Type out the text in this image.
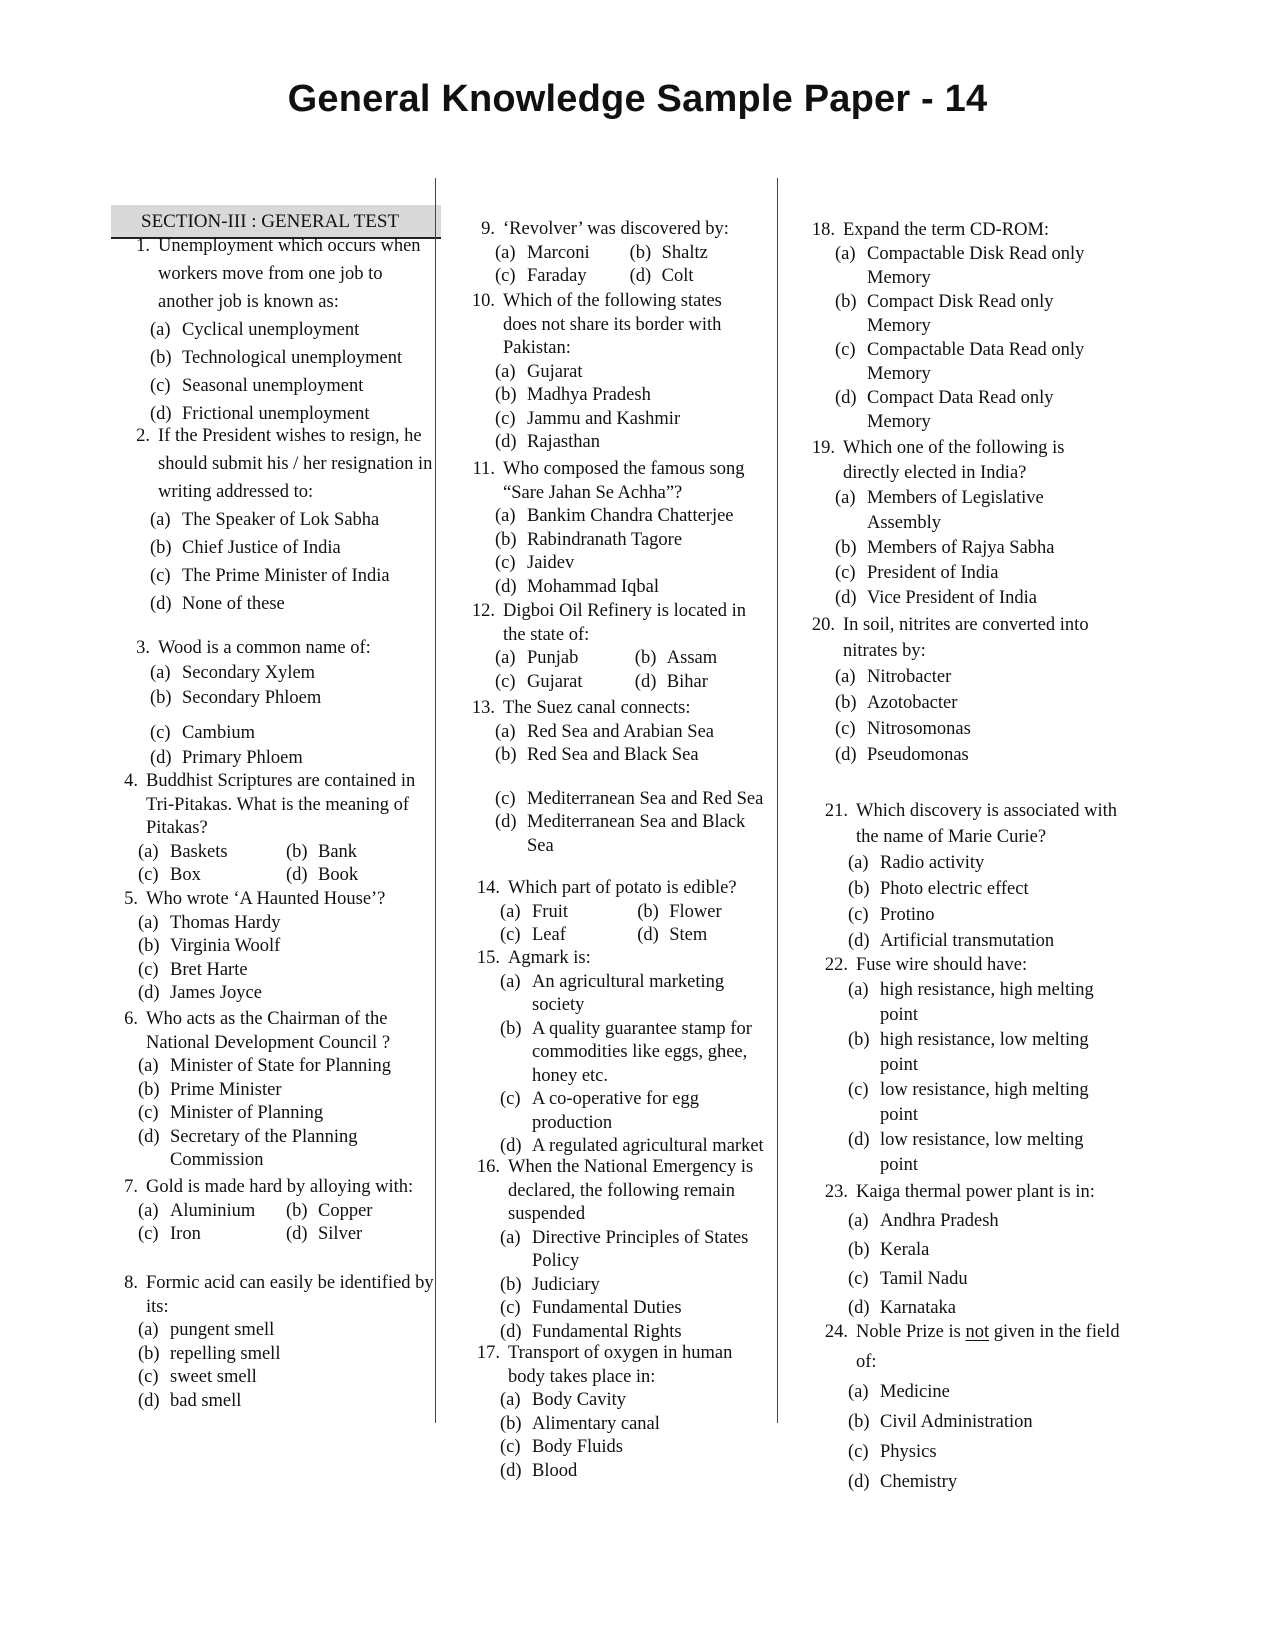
General Knowledge Sample Paper - 14
SECTION-III : GENERAL TEST
1. Unemployment which occurs when workers move from one job to another job is known as:
(a) Cyclical unemployment
(b) Technological unemployment
(c) Seasonal unemployment
(d) Frictional unemployment
2. If the President wishes to resign, he should submit his / her resignation in writing addressed to:
(a) The Speaker of Lok Sabha
(b) Chief Justice of India
(c) The Prime Minister of India
(d) None of these
3. Wood is a common name of:
(a) Secondary Xylem
(b) Secondary Phloem
(c) Cambium
(d) Primary Phloem
4. Buddhist Scriptures are contained in Tri-Pitakas. What is the meaning of Pitakas?
(a) Baskets	(b) Bank
(c) Box	(d) Book
5. Who wrote ‘A Haunted House’?
(a) Thomas Hardy
(b) Virginia Woolf
(c) Bret Harte
(d) James Joyce
6. Who acts as the Chairman of the National Development Council ?
(a) Minister of State for Planning
(b) Prime Minister
(c) Minister of Planning
(d) Secretary of the Planning Commission
7. Gold is made hard by alloying with:
(a) Aluminium	(b) Copper
(c) Iron	(d) Silver
8. Formic acid can easily be identified by its:
(a) pungent smell
(b) repelling smell
(c) sweet smell
(d) bad smell
9. ‘Revolver’ was discovered by:
(a) Marconi	(b) Shaltz
(c) Faraday	(d) Colt
10. Which of the following states does not share its border with Pakistan:
(a) Gujarat
(b) Madhya Pradesh
(c) Jammu and Kashmir
(d) Rajasthan
11. Who composed the famous song “Sare Jahan Se Achha”?
(a) Bankim Chandra Chatterjee
(b) Rabindranath Tagore
(c) Jaidev
(d) Mohammad Iqbal
12. Digboi Oil Refinery is located in the state of:
(a) Punjab	(b) Assam
(c) Gujarat	(d) Bihar
13. The Suez canal connects:
(a) Red Sea and Arabian Sea
(b) Red Sea and Black Sea
(c) Mediterranean Sea and Red Sea
(d) Mediterranean Sea and Black Sea
14. Which part of potato is edible?
(a) Fruit	(b) Flower
(c) Leaf	(d) Stem
15. Agmark is:
(a) An agricultural marketing society
(b) A quality guarantee stamp for commodities like eggs, ghee, honey etc.
(c) A co-operative for egg production
(d) A regulated agricultural market
16. When the National Emergency is declared, the following remain suspended
(a) Directive Principles of States Policy
(b) Judiciary
(c) Fundamental Duties
(d) Fundamental Rights
17. Transport of oxygen in human body takes place in:
(a) Body Cavity
(b) Alimentary canal
(c) Body Fluids
(d) Blood
18. Expand the term CD-ROM:
(a) Compactable Disk Read only Memory
(b) Compact Disk Read only Memory
(c) Compactable Data Read only Memory
(d) Compact Data Read only Memory
19. Which one of the following is directly elected in India?
(a) Members of Legislative Assembly
(b) Members of Rajya Sabha
(c) President of India
(d) Vice President of India
20. In soil, nitrites are converted into nitrates by:
(a) Nitrobacter
(b) Azotobacter
(c) Nitrosomonas
(d) Pseudomonas
21. Which discovery is associated with the name of Marie Curie?
(a) Radio activity
(b) Photo electric effect
(c) Protino
(d) Artificial transmutation
22. Fuse wire should have:
(a) high resistance, high melting point
(b) high resistance, low melting point
(c) low resistance, high melting point
(d) low resistance, low melting point
23. Kaiga thermal power plant is in:
(a) Andhra Pradesh
(b) Kerala
(c) Tamil Nadu
(d) Karnataka
24. Noble Prize is not given in the field of:
(a) Medicine
(b) Civil Administration
(c) Physics
(d) Chemistry
